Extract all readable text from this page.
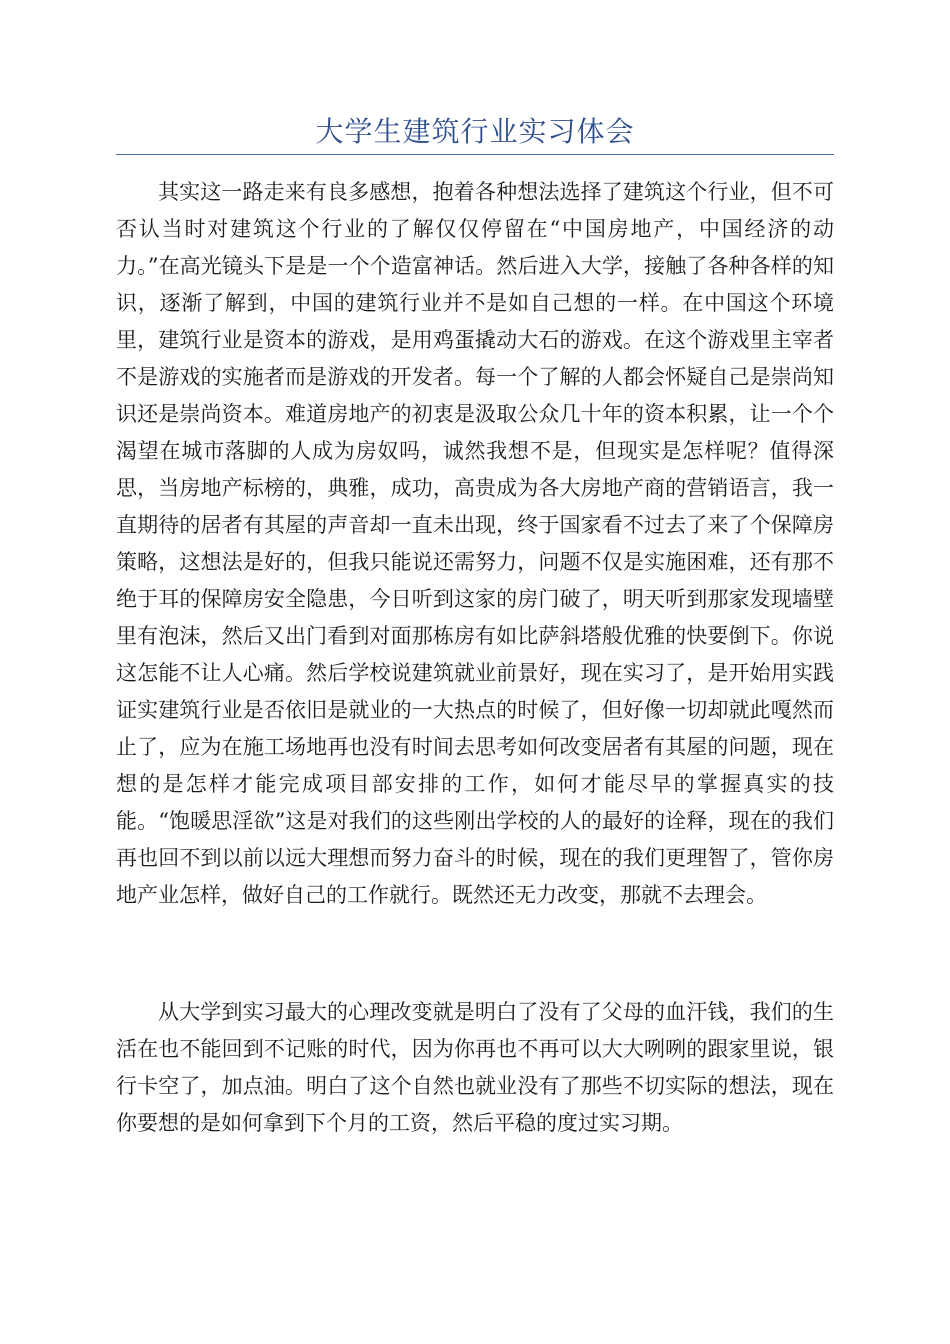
大学生建筑行业实习体会

其实这一路走来有良多感想，抱着各种想法选择了建筑这个行业，但不可否认当时对建筑这个行业的了解仅仅停留在“中国房地产，中国经济的动力。”在高光镜头下是是一个个造富神话。然后进入大学，接触了各种各样的知识，逐渐了解到，中国的建筑行业并不是如自己想的一样。在中国这个环境里，建筑行业是资本的游戏，是用鸡蛋撬动大石的游戏。在这个游戏里主宰者不是游戏的实施者而是游戏的开发者。每一个了解的人都会怀疑自己是崇尚知识还是崇尚资本。难道房地产的初衷是汲取公众几十年的资本积累，让一个个渴望在城市落脚的人成为房奴吗，诚然我想不是，但现实是怎样呢？值得深思，当房地产标榜的，典雅，成功，高贵成为各大房地产商的营销语言，我一直期待的居者有其屋的声音却一直未出现，终于国家看不过去了来了个保障房策略，这想法是好的，但我只能说还需努力，问题不仅是实施困难，还有那不绝于耳的保障房安全隐患，今日听到这家的房门破了，明天听到那家发现墙壁里有泡沫，然后又出门看到对面那栋房有如比萨斜塔般优雅的快要倒下。你说这怎能不让人心痛。然后学校说建筑就业前景好，现在实习了，是开始用实践证实建筑行业是否依旧是就业的一大热点的时候了，但好像一切却就此嘎然而止了，应为在施工场地再也没有时间去思考如何改变居者有其屋的问题，现在想的是怎样才能完成项目部安排的工作，如何才能尽早的掌握真实的技能。“饱暖思淫欲”这是对我们的这些刚出学校的人的最好的诠释，现在的我们再也回不到以前以远大理想而努力奋斗的时候，现在的我们更理智了，管你房地产业怎样，做好自己的工作就行。既然还无力改变，那就不去理会。

从大学到实习最大的心理改变就是明白了没有了父母的血汗钱，我们的生活在也不能回到不记账的时代，因为你再也不再可以大大咧咧的跟家里说，银行卡空了，加点油。明白了这个自然也就业没有了那些不切实际的想法，现在你要想的是如何拿到下个月的工资，然后平稳的度过实习期。
